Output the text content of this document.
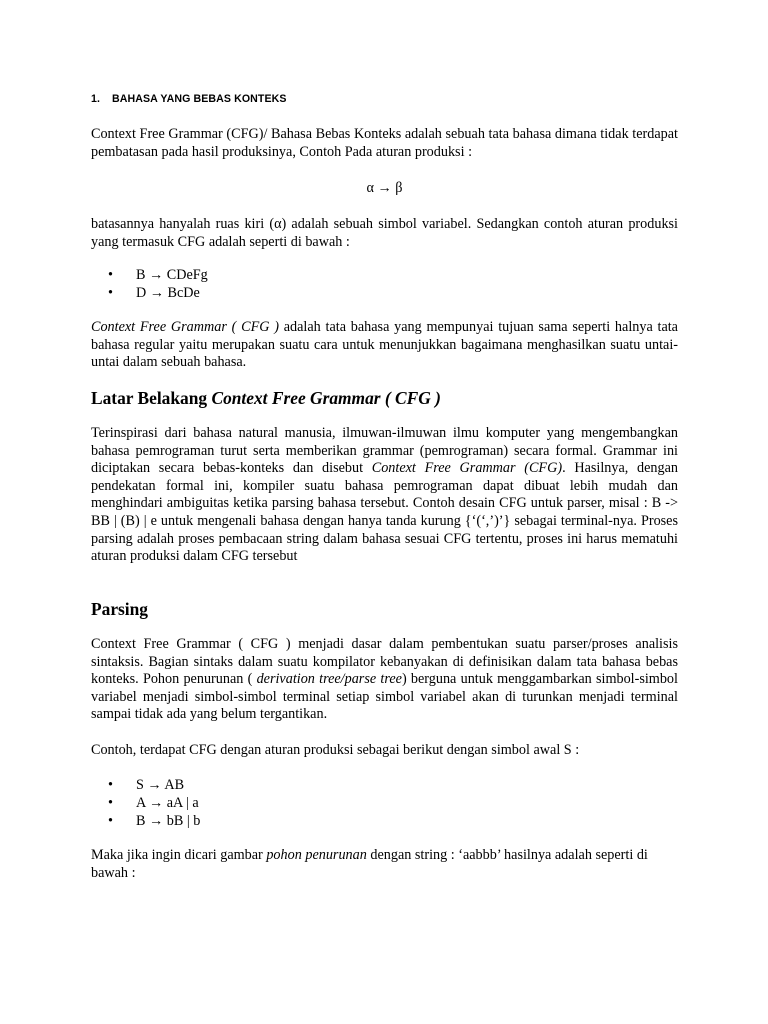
1. BAHASA YANG BEBAS KONTEKS

Context Free Grammar (CFG)/ Bahasa Bebas Konteks adalah sebuah tata bahasa dimana tidak terdapat pembatasan pada hasil produksinya, Contoh Pada aturan produksi :

α → β

batasannya hanyalah ruas kiri (α) adalah sebuah simbol variabel. Sedangkan contoh aturan produksi yang termasuk CFG adalah seperti di bawah :

• B → CDeFg
• D → BcDe

Context Free Grammar ( CFG ) adalah tata bahasa yang mempunyai tujuan sama seperti halnya tata bahasa regular yaitu merupakan suatu cara untuk menunjukkan bagaimana menghasilkan suatu untai-untai dalam sebuah bahasa.

Latar Belakang Context Free Grammar ( CFG )

Terinspirasi dari bahasa natural manusia, ilmuwan-ilmuwan ilmu komputer yang mengembangkan bahasa pemrograman turut serta memberikan grammar (pemrograman) secara formal. Grammar ini diciptakan secara bebas-konteks dan disebut Context Free Grammar (CFG). Hasilnya, dengan pendekatan formal ini, kompiler suatu bahasa pemrograman dapat dibuat lebih mudah dan menghindari ambiguitas ketika parsing bahasa tersebut. Contoh desain CFG untuk parser, misal : B -> BB | (B) | e untuk mengenali bahasa dengan hanya tanda kurung {‘(‘,’)’} sebagai terminal-nya. Proses parsing adalah proses pembacaan string dalam bahasa sesuai CFG tertentu, proses ini harus mematuhi aturan produksi dalam CFG tersebut

Parsing

Context Free Grammar ( CFG ) menjadi dasar dalam pembentukan suatu parser/proses analisis sintaksis. Bagian sintaks dalam suatu kompilator kebanyakan di definisikan dalam tata bahasa bebas konteks. Pohon penurunan ( derivation tree/parse tree) berguna untuk menggambarkan simbol-simbol variabel menjadi simbol-simbol terminal setiap simbol variabel akan di turunkan menjadi terminal sampai tidak ada yang belum tergantikan.

Contoh, terdapat CFG dengan aturan produksi sebagai berikut dengan simbol awal S :

• S → AB
• A → aA | a
• B → bB | b

Maka jika ingin dicari gambar pohon penurunan dengan string : ‘aabbb’ hasilnya adalah seperti di bawah :
